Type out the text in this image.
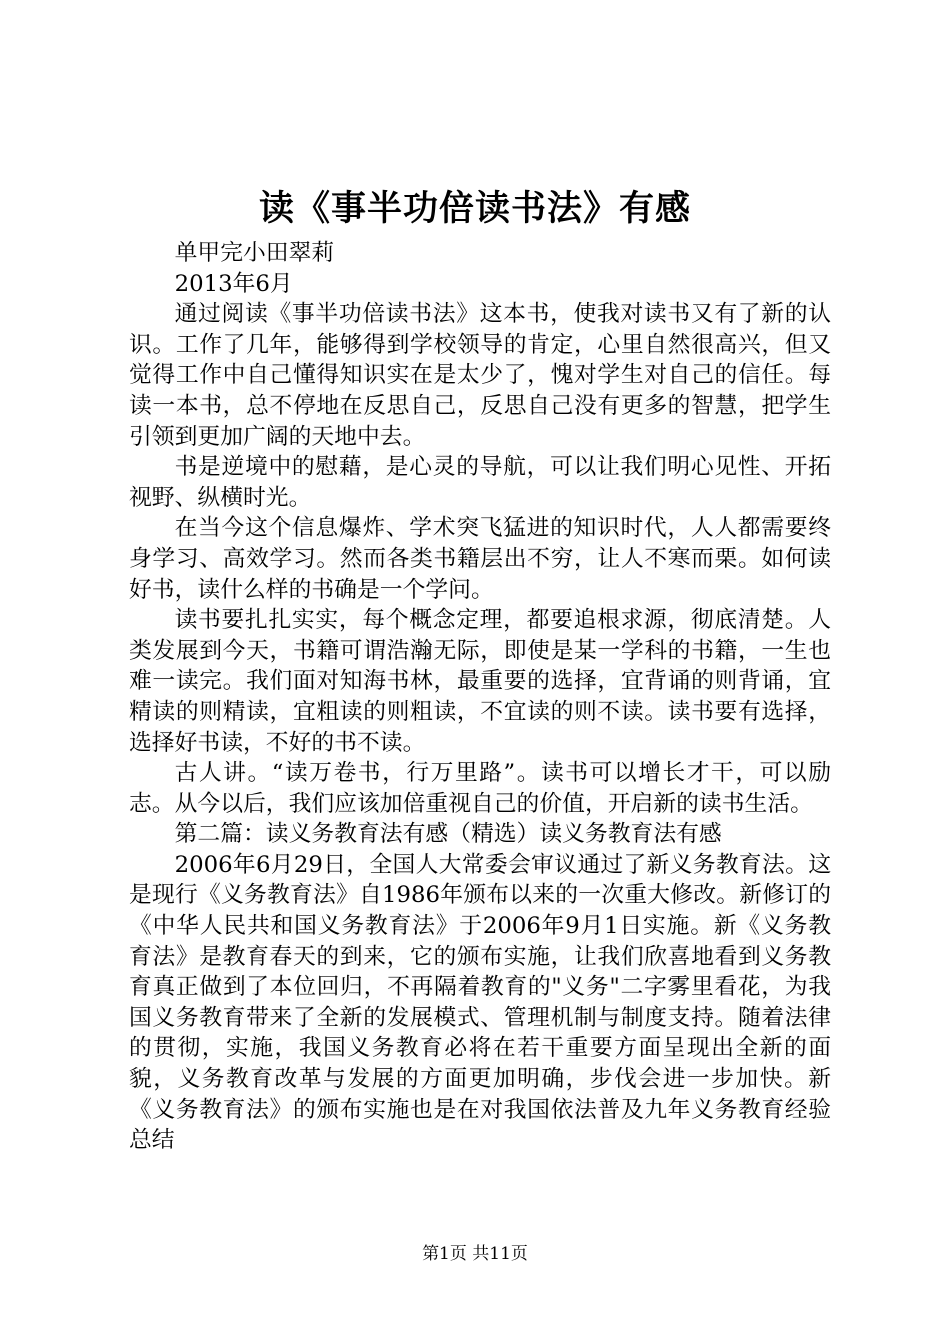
读《事半功倍读书法》有感

单甲完小田翠莉

2013年6月

通过阅读《事半功倍读书法》这本书，使我对读书又有了新的认识。工作了几年，能够得到学校领导的肯定，心里自然很高兴，但又觉得工作中自己懂得知识实在是太少了，愧对学生对自己的信任。每读一本书，总不停地在反思自己，反思自己没有更多的智慧，把学生引领到更加广阔的天地中去。

书是逆境中的慰藉，是心灵的导航，可以让我们明心见性、开拓视野、纵横时光。

在当今这个信息爆炸、学术突飞猛进的知识时代，人人都需要终身学习、高效学习。然而各类书籍层出不穷，让人不寒而栗。如何读好书，读什么样的书确是一个学问。

读书要扎扎实实，每个概念定理，都要追根求源，彻底清楚。人类发展到今天，书籍可谓浩瀚无际，即使是某一学科的书籍，一生也难一读完。我们面对知海书林，最重要的选择，宜背诵的则背诵，宜精读的则精读，宜粗读的则粗读，不宜读的则不读。读书要有选择，选择好书读，不好的书不读。

古人讲。“读万卷书，行万里路”。读书可以增长才干，可以励志。从今以后，我们应该加倍重视自己的价值，开启新的读书生活。

第二篇：读义务教育法有感（精选）读义务教育法有感

2006年6月29日，全国人大常委会审议通过了新义务教育法。这是现行《义务教育法》自1986年颁布以来的一次重大修改。新修订的《中华人民共和国义务教育法》于2006年9月1日实施。新《义务教育法》是教育春天的到来，它的颁布实施，让我们欣喜地看到义务教育真正做到了本位回归，不再隔着教育的"义务"二字雾里看花，为我国义务教育带来了全新的发展模式、管理机制与制度支持。随着法律的贯彻，实施，我国义务教育必将在若干重要方面呈现出全新的面貌，义务教育改革与发展的方面更加明确，步伐会进一步加快。新《义务教育法》的颁布实施也是在对我国依法普及九年义务教育经验总结

第1页 共11页
